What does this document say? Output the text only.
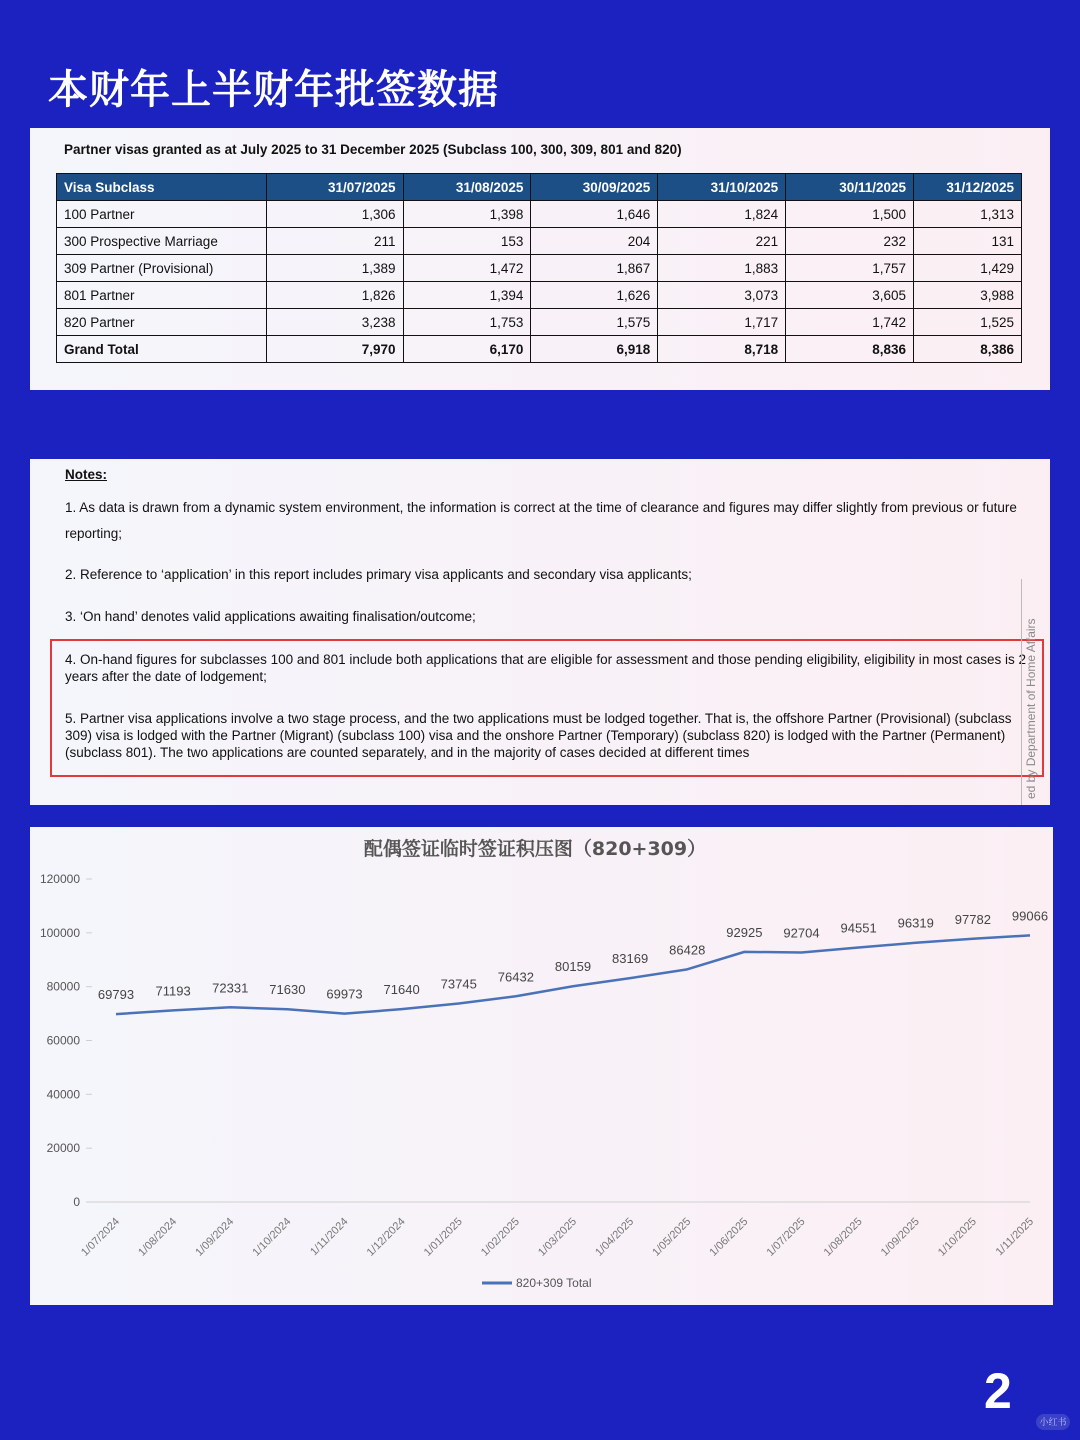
本财年上半财年批签数据
Partner visas granted as at July 2025 to 31 December 2025 (Subclass 100, 300, 309, 801 and 820)
Visa Subclass	31/07/2025	31/08/2025	30/09/2025	31/10/2025	30/11/2025	31/12/2025
100 Partner	1,306	1,398	1,646	1,824	1,500	1,313
300 Prospective Marriage	211	153	204	221	232	131
309 Partner (Provisional)	1,389	1,472	1,867	1,883	1,757	1,429
801 Partner	1,826	1,394	1,626	3,073	3,605	3,988
820 Partner	3,238	1,753	1,575	1,717	1,742	1,525
Grand Total	7,970	6,170	6,918	8,718	8,836	8,386
Notes:
1. As data is drawn from a dynamic system environment, the information is correct at the time of clearance and figures may differ slightly from previous or future reporting;
2. Reference to ‘application’ in this report includes primary visa applicants and secondary visa applicants;
3. ‘On hand’ denotes valid applications awaiting finalisation/outcome;
4. On-hand figures for subclasses 100 and 801 include both applications that are eligible for assessment and those pending eligibility, eligibility in most cases is 2 years after the date of lodgement;
5. Partner visa applications involve a two stage process, and the two applications must be lodged together. That is, the offshore Partner (Provisional) (subclass 309) visa is lodged with the Partner (Migrant) (subclass 100) visa and the onshore Partner (Temporary) (subclass 820) is lodged with the Partner (Permanent) (subclass 801). The two applications are counted separately, and in the majority of cases decided at different times	ed by Department of Home Affairs
配偶签证临时签证积压图（820+309）
0
20000
40000
60000
80000
100000
120000
1/07/2024 1/08/2024 1/09/2024 1/10/2024 1/11/2024 1/12/2024 1/01/2025 1/02/2025 1/03/2025 1/04/2025 1/05/2025 1/06/2025 1/07/2025 1/08/2025 1/09/2025 1/10/2025 1/11/2025
69793 71193 72331 71630 69973 71640 73745 76432
80159
83169
86428
92925 92704 94551 96319 97782 99066
820+309 Total
2
小红书
